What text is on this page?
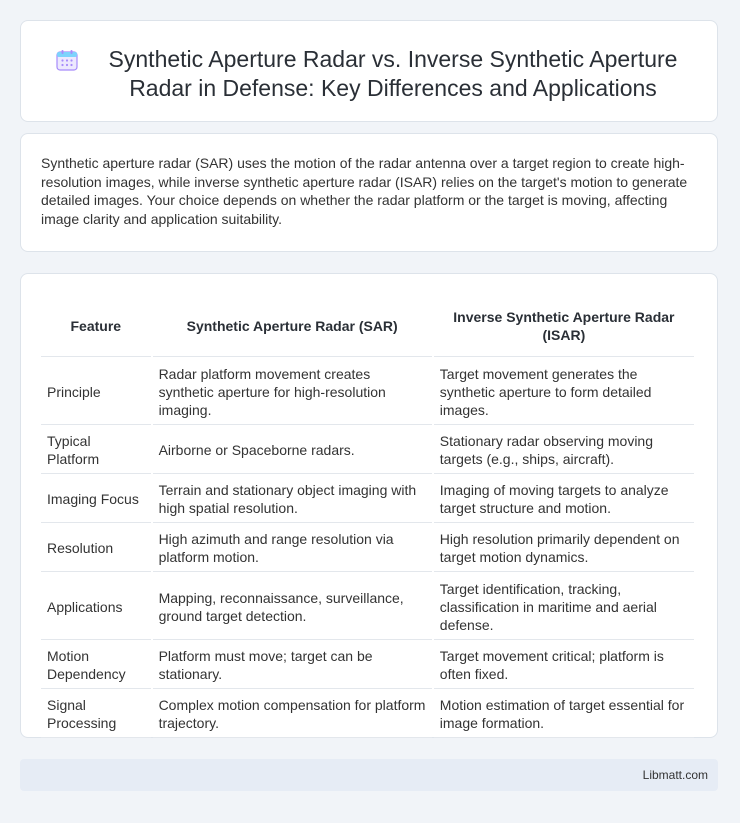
Synthetic Aperture Radar vs. Inverse Synthetic Aperture Radar in Defense: Key Differences and Applications

Synthetic aperture radar (SAR) uses the motion of the radar antenna over a target region to create high-resolution images, while inverse synthetic aperture radar (ISAR) relies on the target's motion to generate detailed images. Your choice depends on whether the radar platform or the target is moving, affecting image clarity and application suitability.

Feature	Synthetic Aperture Radar (SAR)	Inverse Synthetic Aperture Radar (ISAR)
Principle	Radar platform movement creates synthetic aperture for high-resolution imaging.	Target movement generates the synthetic aperture to form detailed images.
Typical Platform	Airborne or Spaceborne radars.	Stationary radar observing moving targets (e.g., ships, aircraft).
Imaging Focus	Terrain and stationary object imaging with high spatial resolution.	Imaging of moving targets to analyze target structure and motion.
Resolution	High azimuth and range resolution via platform motion.	High resolution primarily dependent on target motion dynamics.
Applications	Mapping, reconnaissance, surveillance, ground target detection.	Target identification, tracking, classification in maritime and aerial defense.
Motion Dependency	Platform must move; target can be stationary.	Target movement critical; platform is often fixed.
Signal Processing	Complex motion compensation for platform trajectory.	Motion estimation of target essential for image formation.
Libmatt.com
